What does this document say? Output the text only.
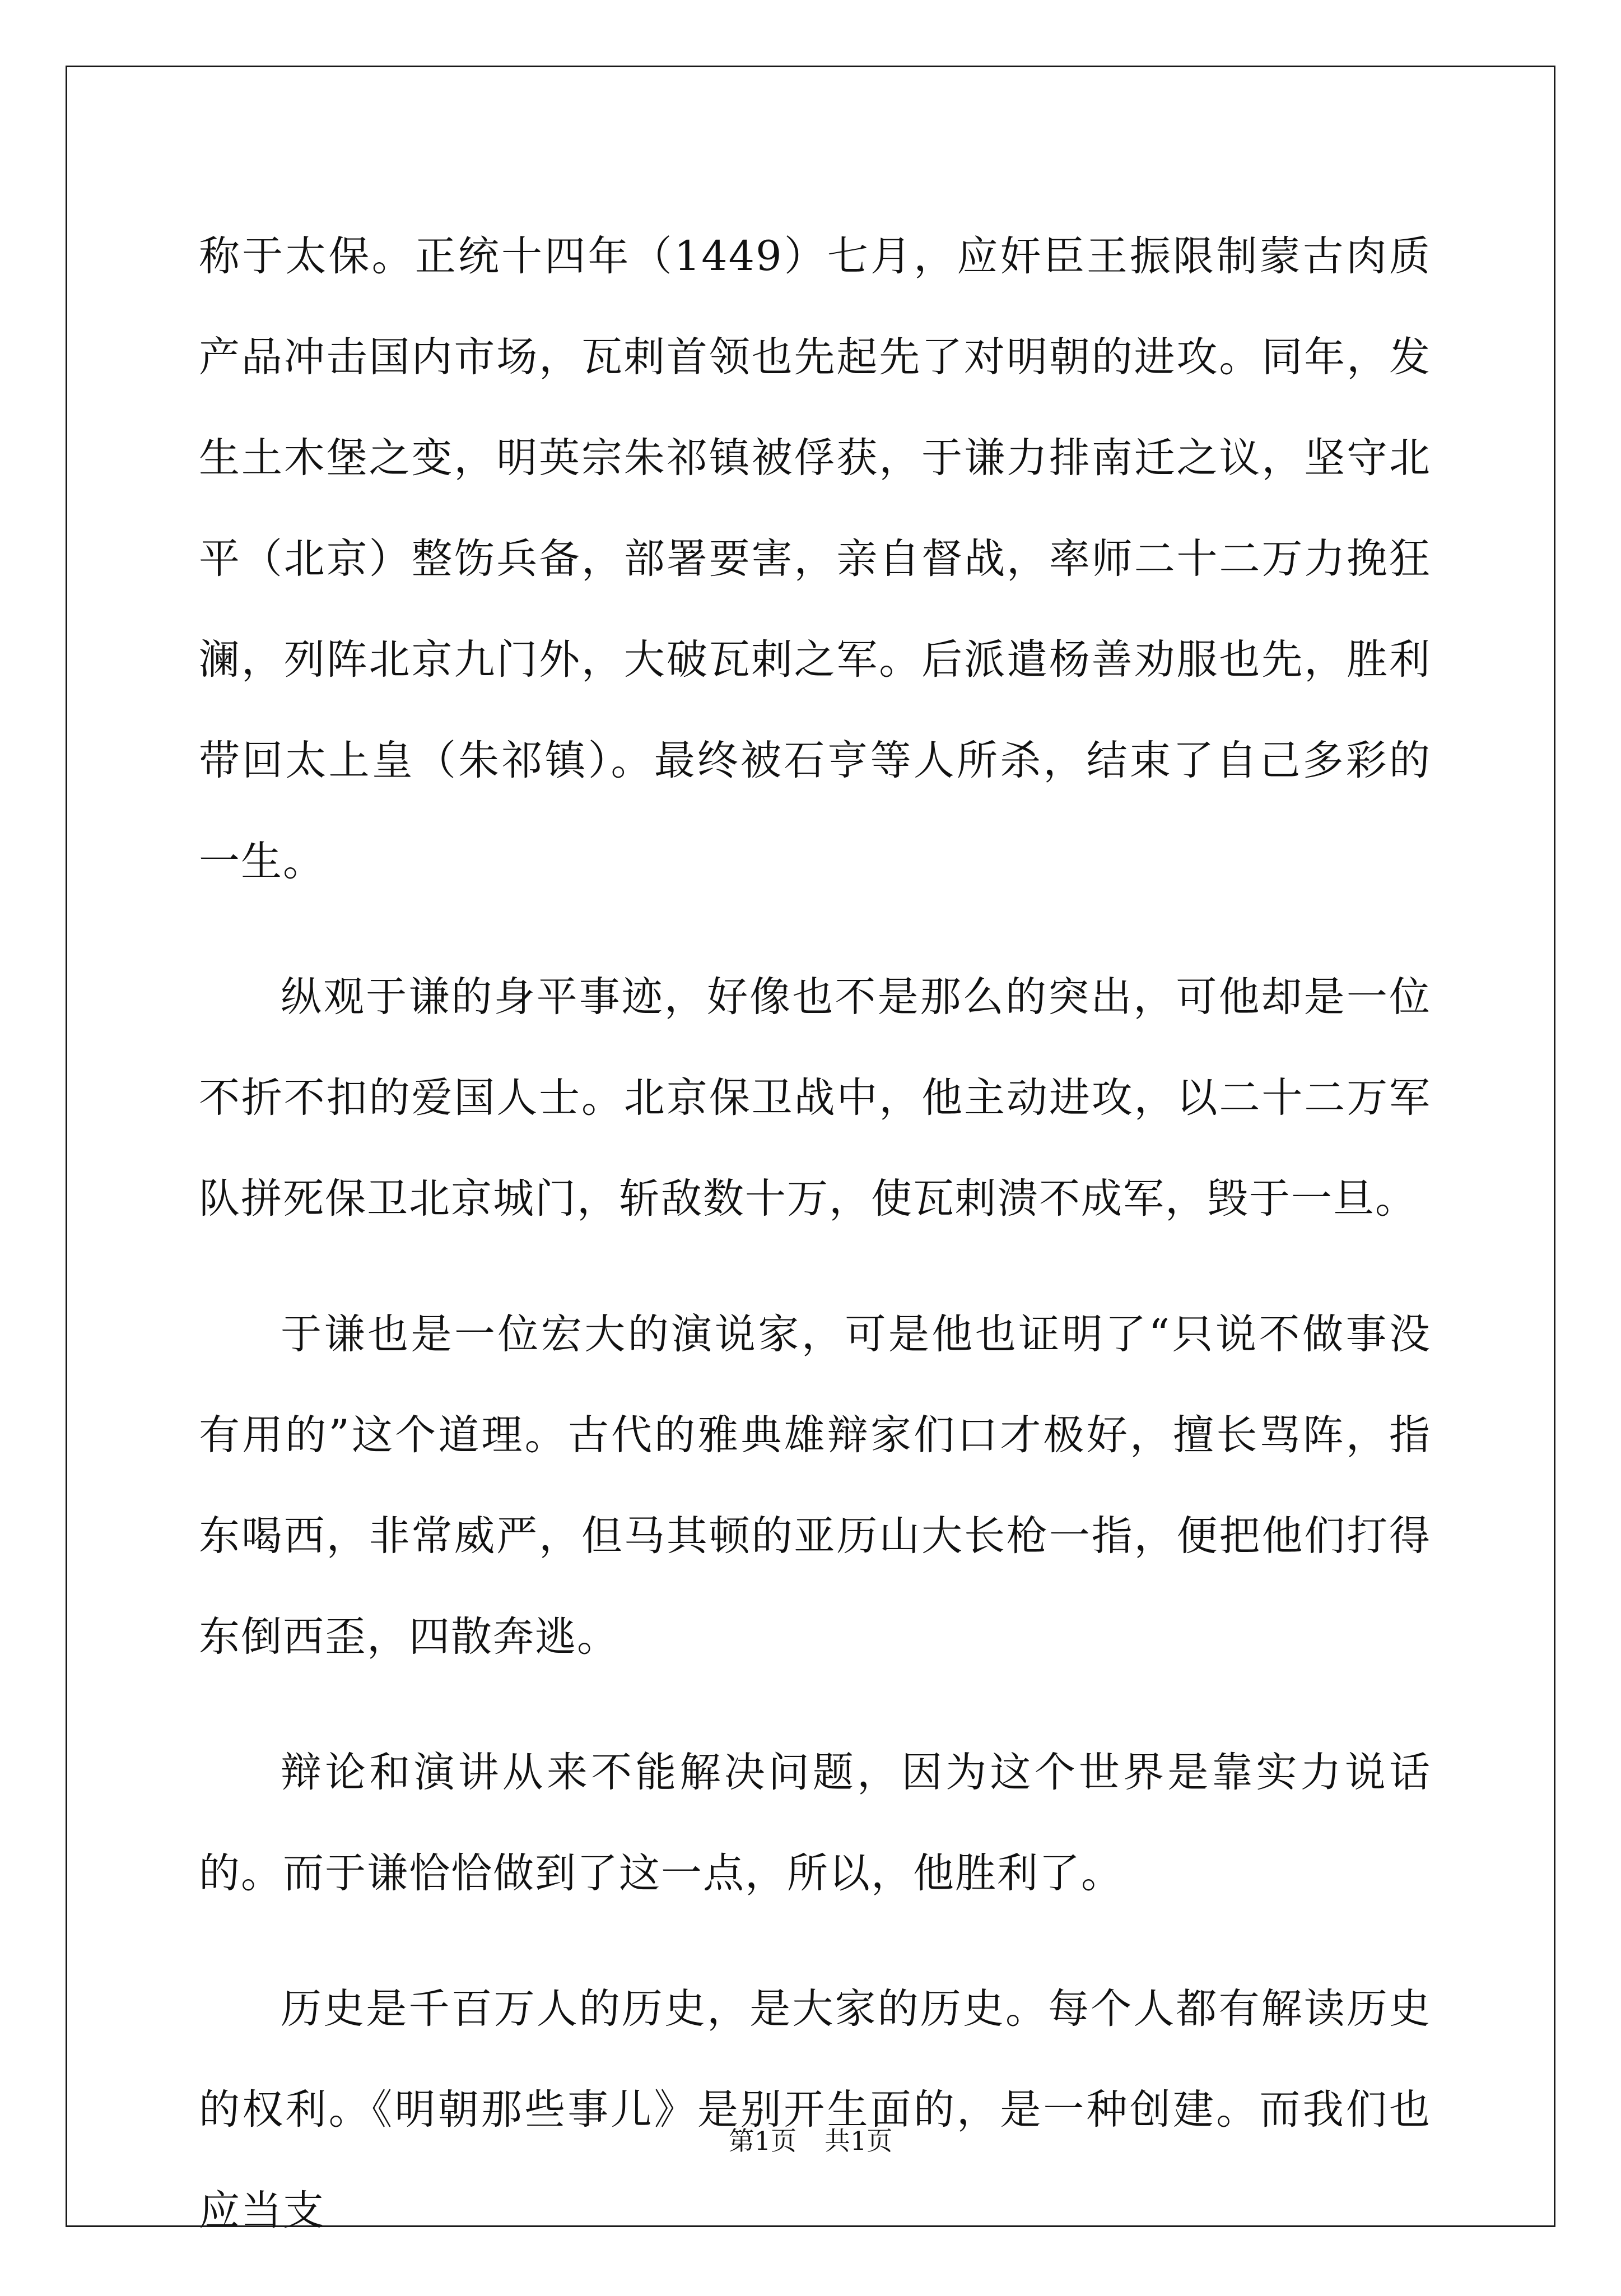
称于太保。正统十四年（1449）七月，应奸臣王振限制蒙古肉质产品冲击国内市场，瓦剌首领也先起先了对明朝的进攻。同年，发生土木堡之变，明英宗朱祁镇被俘获，于谦力排南迁之议，坚守北平（北京）整饬兵备，部署要害，亲自督战，率师二十二万力挽狂澜，列阵北京九门外，大破瓦剌之军。后派遣杨善劝服也先，胜利带回太上皇（朱祁镇）。最终被石亨等人所杀，结束了自己多彩的一生。

纵观于谦的身平事迹，好像也不是那么的突出，可他却是一位不折不扣的爱国人士。北京保卫战中，他主动进攻，以二十二万军队拼死保卫北京城门，斩敌数十万，使瓦剌溃不成军，毁于一旦。

于谦也是一位宏大的演说家，可是他也证明了“只说不做事没有用的”这个道理。古代的雅典雄辩家们口才极好，擅长骂阵，指东喝西，非常威严，但马其顿的亚历山大长枪一指，便把他们打得东倒西歪，四散奔逃。

辩论和演讲从来不能解决问题，因为这个世界是靠实力说话的。而于谦恰恰做到了这一点，所以，他胜利了。

历史是千百万人的历史，是大家的历史。每个人都有解读历史的权利。《明朝那些事儿》是别开生面的，是一种创建。而我们也应当支

第1页 共1页
